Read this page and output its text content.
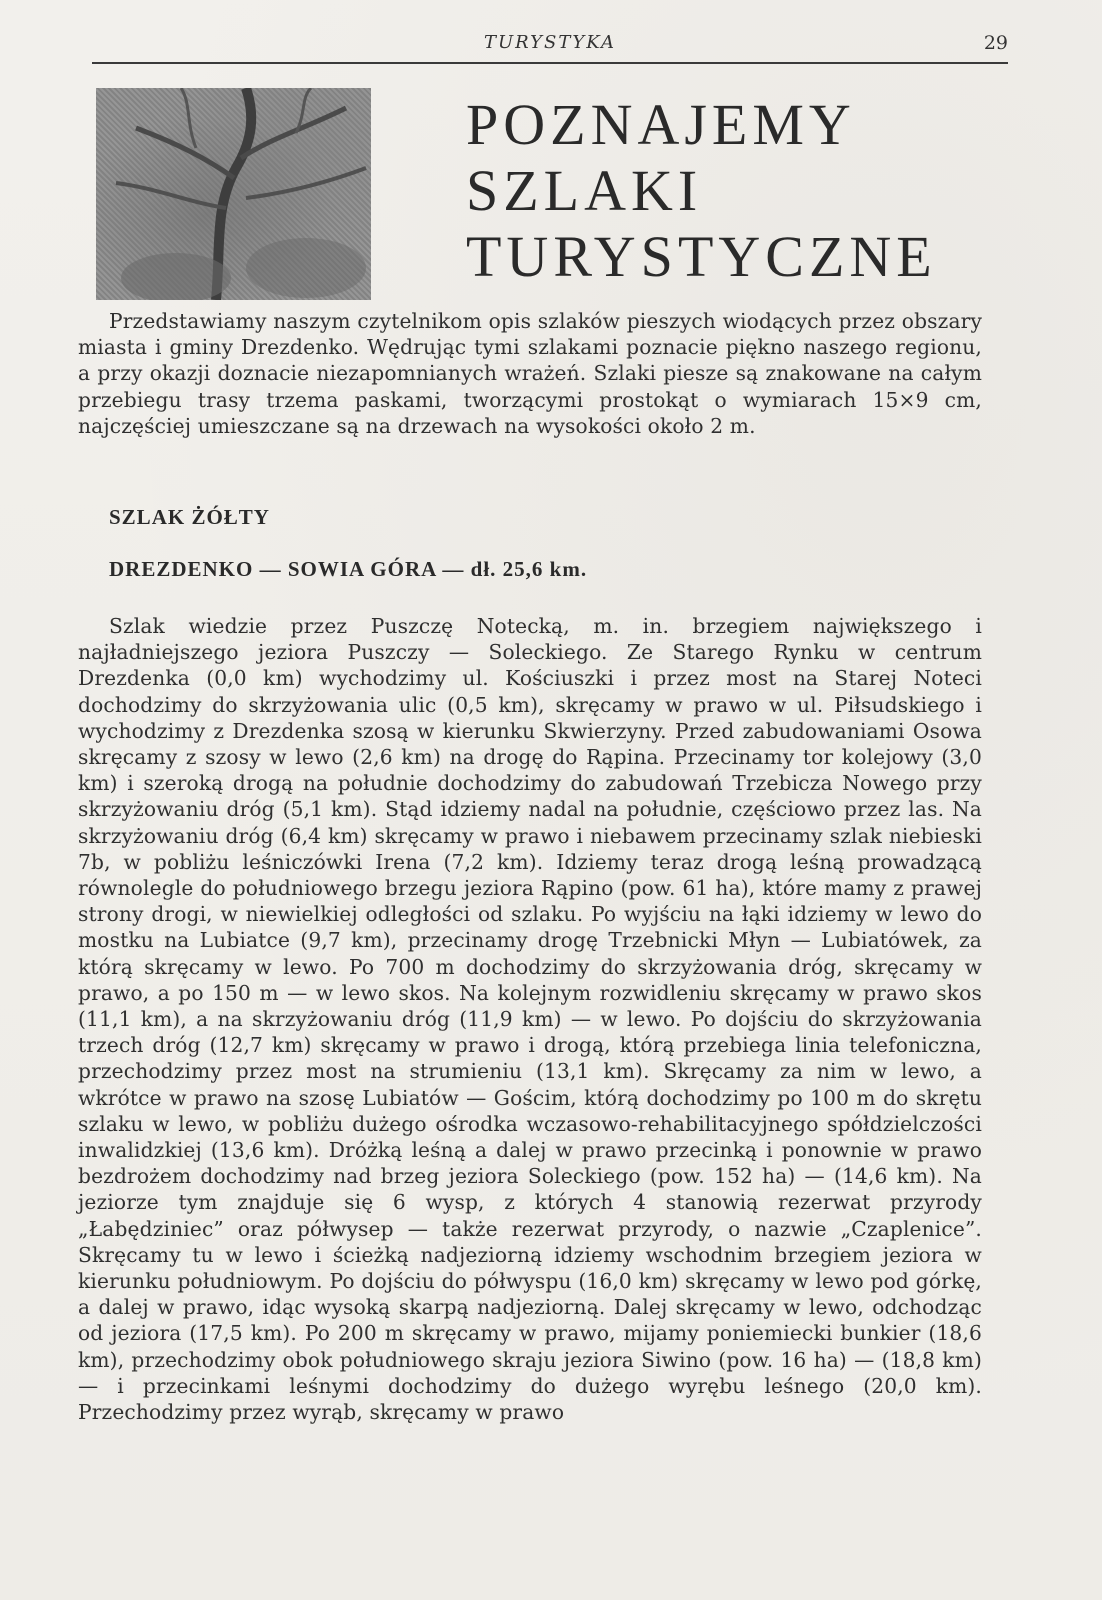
TURYSTYKA	29
POZNAJEMY
SZLAKI
TURYSTYCZNE

Przedstawiamy naszym czytelnikom opis szlaków pieszych wiodących przez obszary miasta i gminy Drezdenko. Wędrując tymi szlakami poznacie piękno naszego regionu, a przy okazji doznacie niezapomnianych wrażeń. Szlaki piesze są znakowane na całym przebiegu trasy trzema paskami, tworzącymi prostokąt o wymiarach 15×9 cm, najczęściej umieszczane są na drzewach na wysokości około 2 m.

SZLAK ŻÓŁTY
DREZDENKO — SOWIA GÓRA — dł. 25,6 km.

Szlak wiedzie przez Puszczę Notecką, m. in. brzegiem największego i najładniejszego jeziora Puszczy — Soleckiego. Ze Starego Rynku w centrum Drezdenka (0,0 km) wychodzimy ul. Kościuszki i przez most na Starej Noteci dochodzimy do skrzyżowania ulic (0,5 km), skręcamy w prawo w ul. Piłsudskiego i wychodzimy z Drezdenka szosą w kierunku Skwierzyny. Przed zabudowaniami Osowa skręcamy z szosy w lewo (2,6 km) na drogę do Rąpina. Przecinamy tor kolejowy (3,0 km) i szeroką drogą na południe dochodzimy do zabudowań Trzebicza Nowego przy skrzyżowaniu dróg (5,1 km). Stąd idziemy nadal na południe, częściowo przez las. Na skrzyżowaniu dróg (6,4 km) skręcamy w prawo i niebawem przecinamy szlak niebieski 7b, w pobliżu leśniczówki Irena (7,2 km). Idziemy teraz drogą leśną prowadzącą równolegle do południowego brzegu jeziora Rąpino (pow. 61 ha), które mamy z prawej strony drogi, w niewielkiej odległości od szlaku. Po wyjściu na łąki idziemy w lewo do mostku na Lubiatce (9,7 km), przecinamy drogę Trzebnicki Młyn — Lubiatówek, za którą skręcamy w lewo. Po 700 m dochodzimy do skrzyżowania dróg, skręcamy w prawo, a po 150 m — w lewo skos. Na kolejnym rozwidleniu skręcamy w prawo skos (11,1 km), a na skrzyżowaniu dróg (11,9 km) — w lewo. Po dojściu do skrzyżowania trzech dróg (12,7 km) skręcamy w prawo i drogą, którą przebiega linia telefoniczna, przechodzimy przez most na strumieniu (13,1 km). Skręcamy za nim w lewo, a wkrótce w prawo na szosę Lubiatów — Gościm, którą dochodzimy po 100 m do skrętu szlaku w lewo, w pobliżu dużego ośrodka wczasowo-rehabilitacyjnego spółdzielczości inwalidzkiej (13,6 km). Dróżką leśną a dalej w prawo przecinką i ponownie w prawo bezdrożem dochodzimy nad brzeg jeziora Soleckiego (pow. 152 ha) — (14,6 km). Na jeziorze tym znajduje się 6 wysp, z których 4 stanowią rezerwat przyrody „Łabędziniec” oraz półwysep — także rezerwat przyrody, o nazwie „Czaplenice”. Skręcamy tu w lewo i ścieżką nadjeziorną idziemy wschodnim brzegiem jeziora w kierunku południowym. Po dojściu do półwyspu (16,0 km) skręcamy w lewo pod górkę, a dalej w prawo, idąc wysoką skarpą nadjeziorną. Dalej skręcamy w lewo, odchodząc od jeziora (17,5 km). Po 200 m skręcamy w prawo, mijamy poniemiecki bunkier (18,6 km), przechodzimy obok południowego skraju jeziora Siwino (pow. 16 ha) — (18,8 km) — i przecinkami leśnymi dochodzimy do dużego wyrębu leśnego (20,0 km). Przechodzimy przez wyrąb, skręcamy w prawo
